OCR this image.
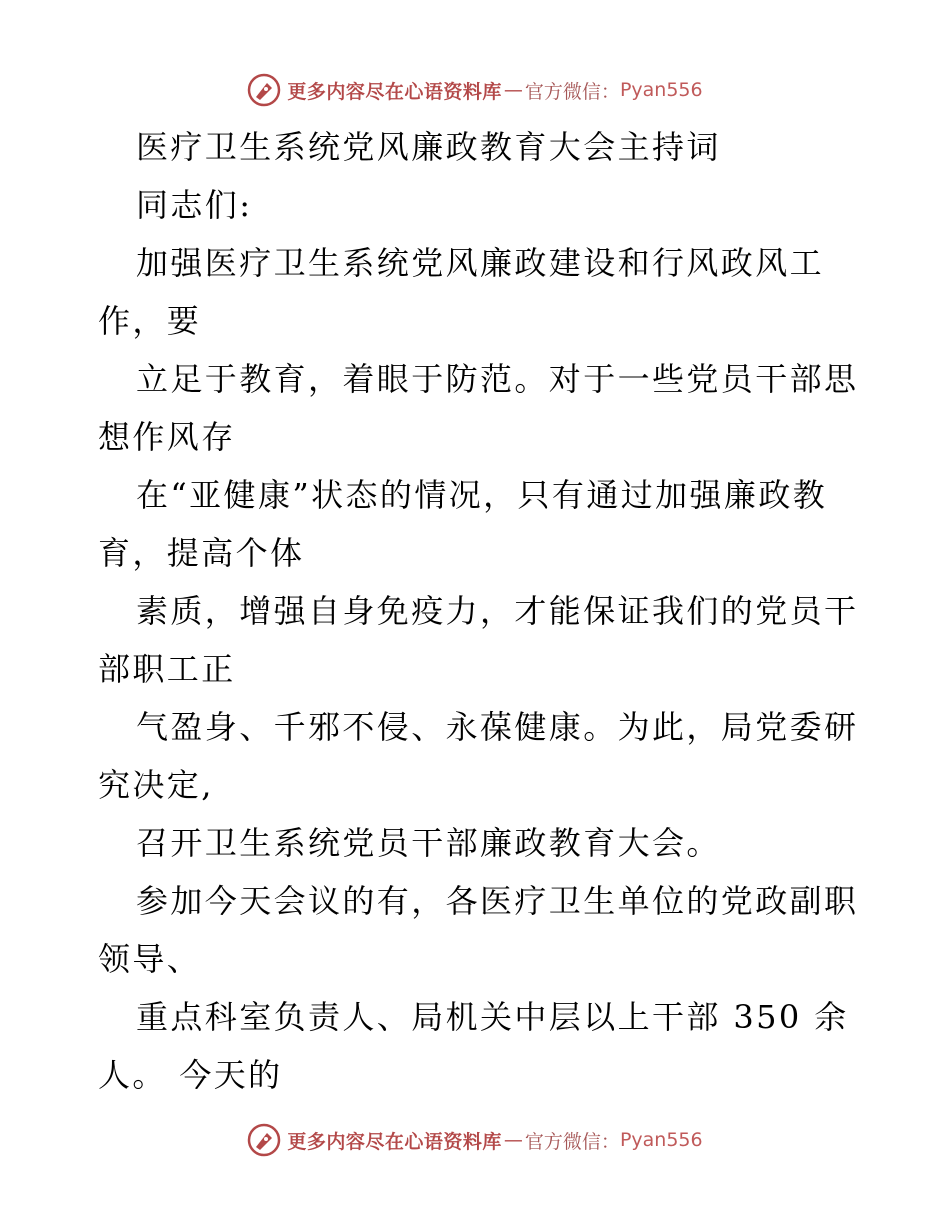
更多内容尽在心语资料库 — 官方微信： Pyan556
医疗卫生系统党风廉政教育大会主持词
同志们:
加强医疗卫生系统党风廉政建设和行风政风工
作，要
立足于教育，着眼于防范。对于一些党员干部思
想作风存
在“亚健康”状态的情况，只有通过加强廉政教
育，提高个体
素质，增强自身免疫力，才能保证我们的党员干
部职工正
气盈身、千邪不侵、永葆健康。为此，局党委研
究决定,
召开卫生系统党员干部廉政教育大会。
参加今天会议的有，各医疗卫生单位的党政副职
领导、
重点科室负责人、局机关中层以上干部 350 余
人。 今天的
更多内容尽在心语资料库 — 官方微信： Pyan556
